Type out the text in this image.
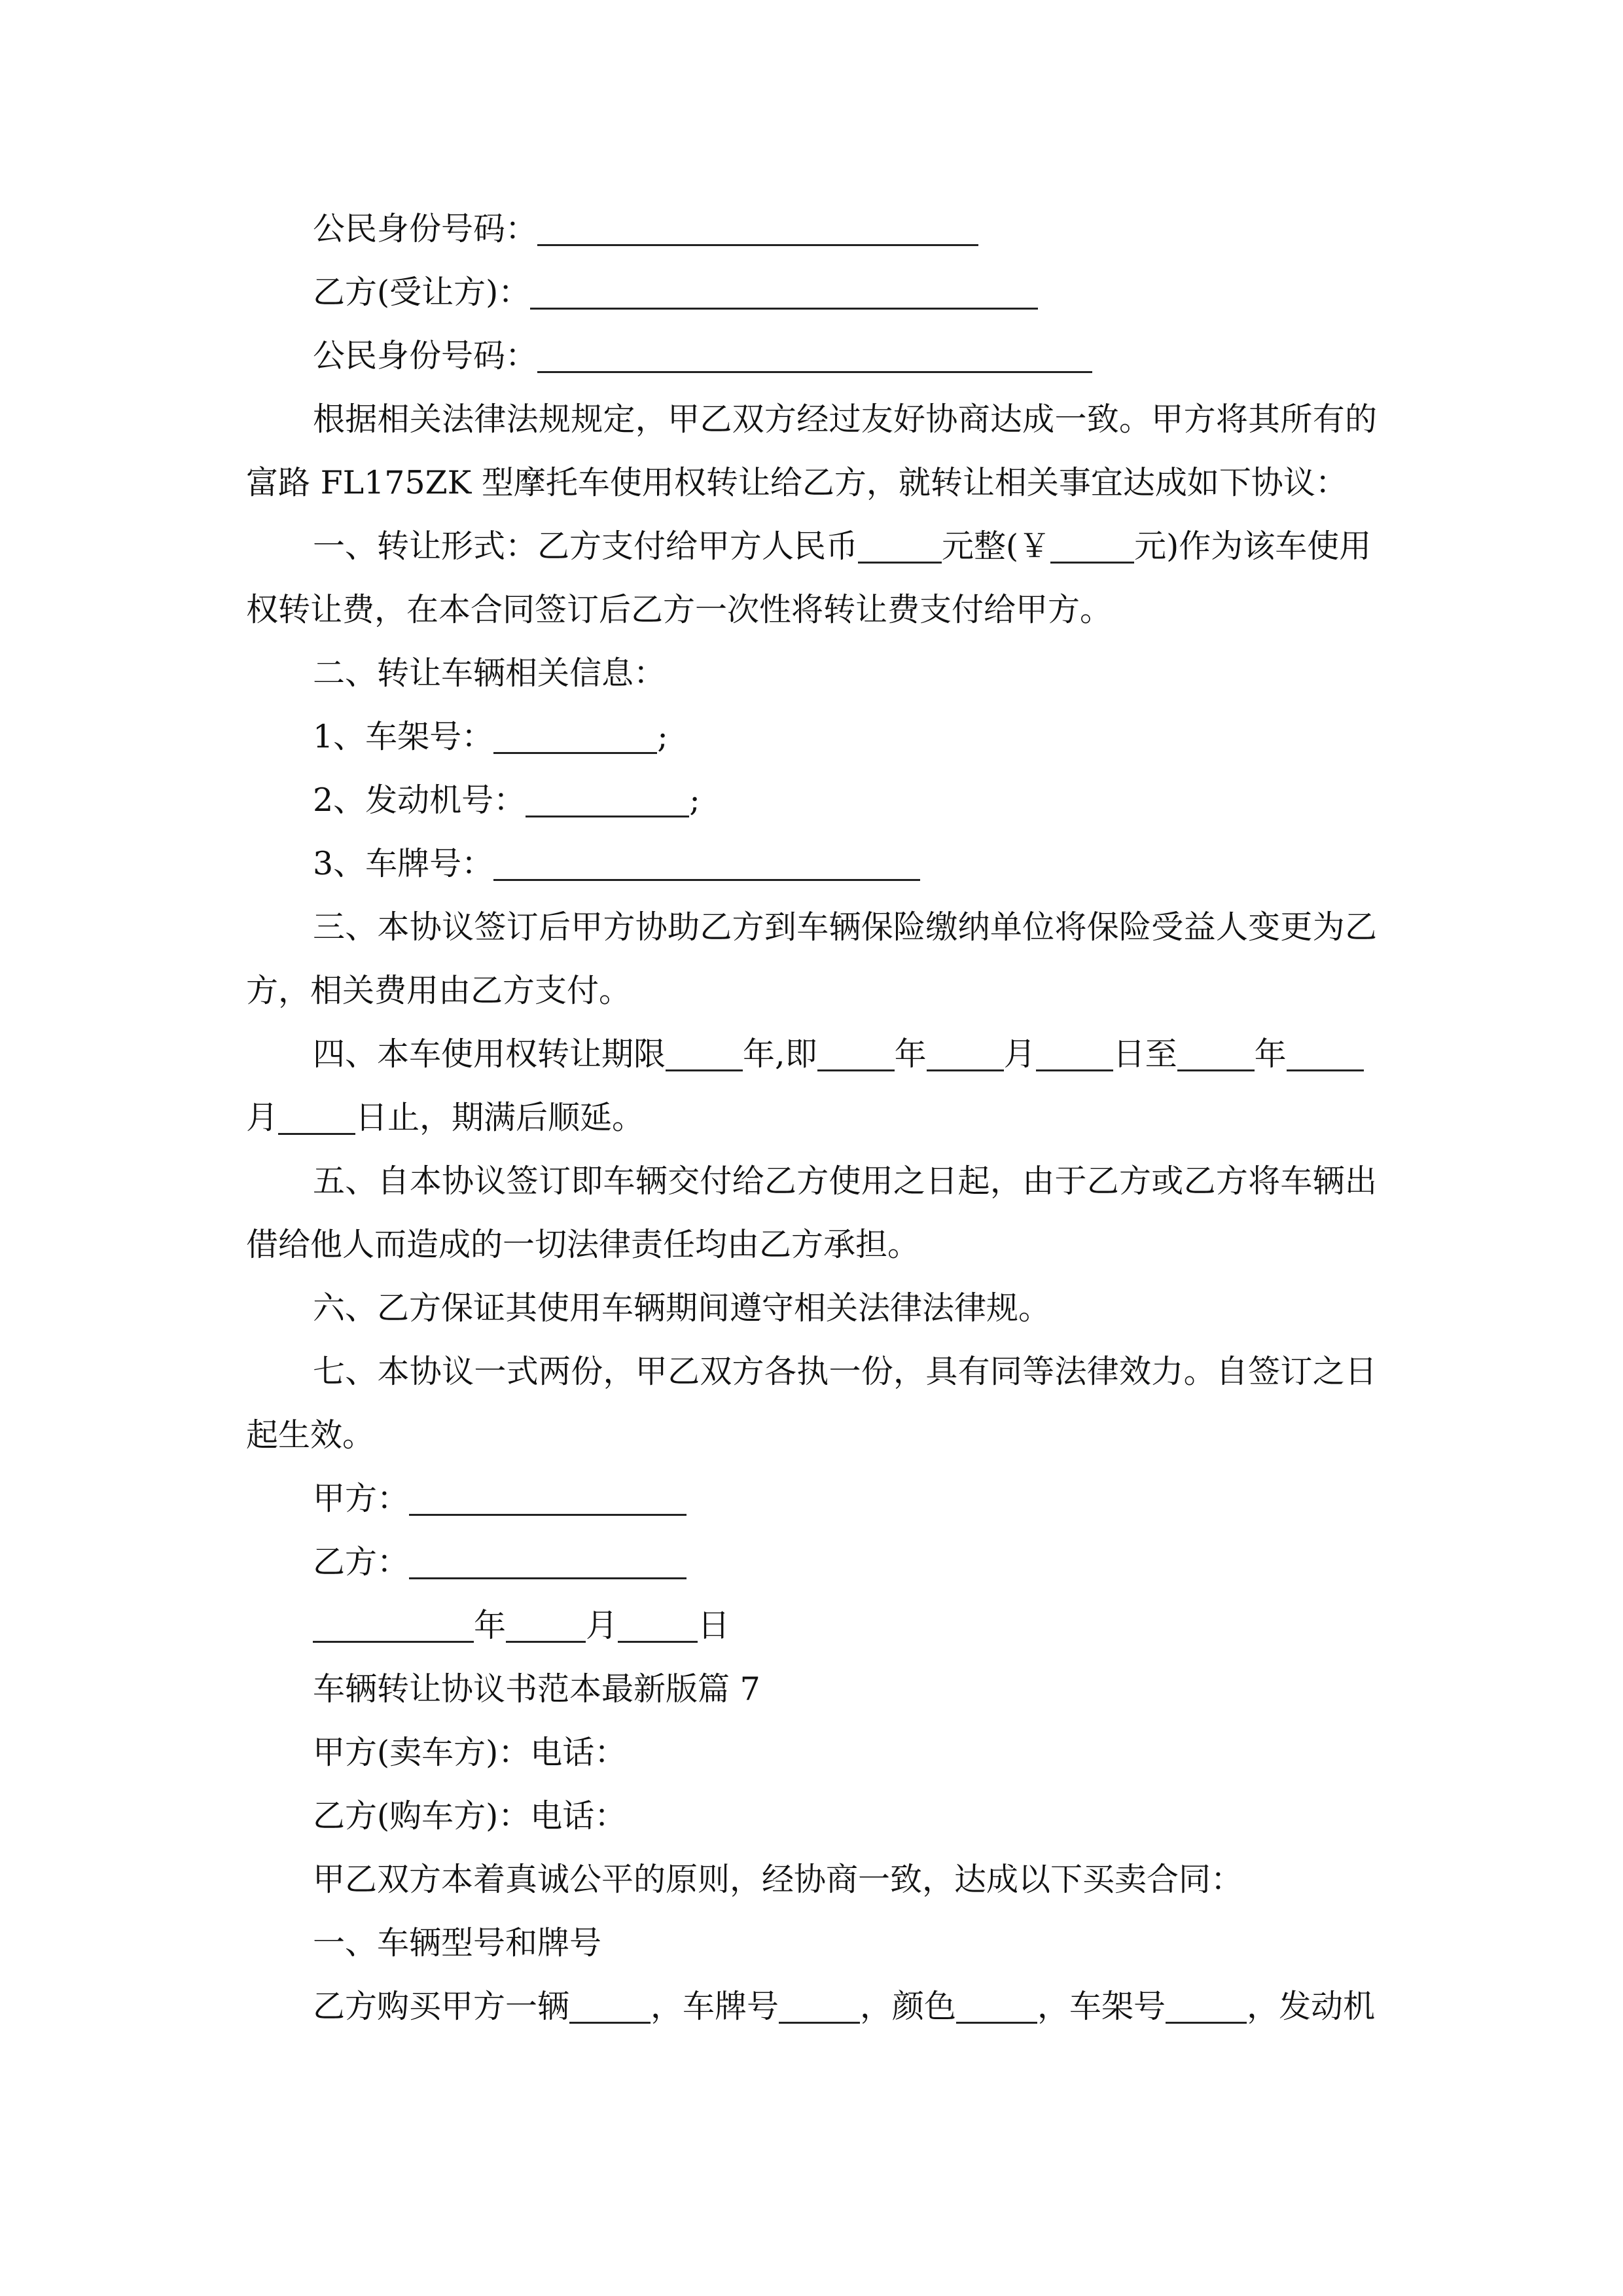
公民身份号码：
乙方(受让方)：
公民身份号码：
根据相关法律法规规定，甲乙双方经过友好协商达成一致。甲方将其所有的
富路 FL175ZK 型摩托车使用权转让给乙方，就转让相关事宜达成如下协议：
一、转让形式：乙方支付给甲方人民币	元整(￥	元)作为该车使用
权转让费，在本合同签订后乙方一次性将转让费支付给甲方。
二、转让车辆相关信息：
1、车架号：	;
2、发动机号：	;
3、车牌号：
三、本协议签订后甲方协助乙方到车辆保险缴纳单位将保险受益人变更为乙
方，相关费用由乙方支付。
四、本车使用权转让期限 年,即 年 月 日至 年
月 日止，期满后顺延。
五、自本协议签订即车辆交付给乙方使用之日起，由于乙方或乙方将车辆出
借给他人而造成的一切法律责任均由乙方承担。
六、乙方保证其使用车辆期间遵守相关法律法律规。
七、本协议一式两份，甲乙双方各执一份，具有同等法律效力。自签订之日
起生效。
甲方：
乙方：
年 月 日
车辆转让协议书范本最新版篇 7
甲方(卖车方)：电话：
乙方(购车方)：电话：
甲乙双方本着真诚公平的原则，经协商一致，达成以下买卖合同：
一、车辆型号和牌号
乙方购买甲方一辆	，车牌号	，颜色	，车架号	，发动机
